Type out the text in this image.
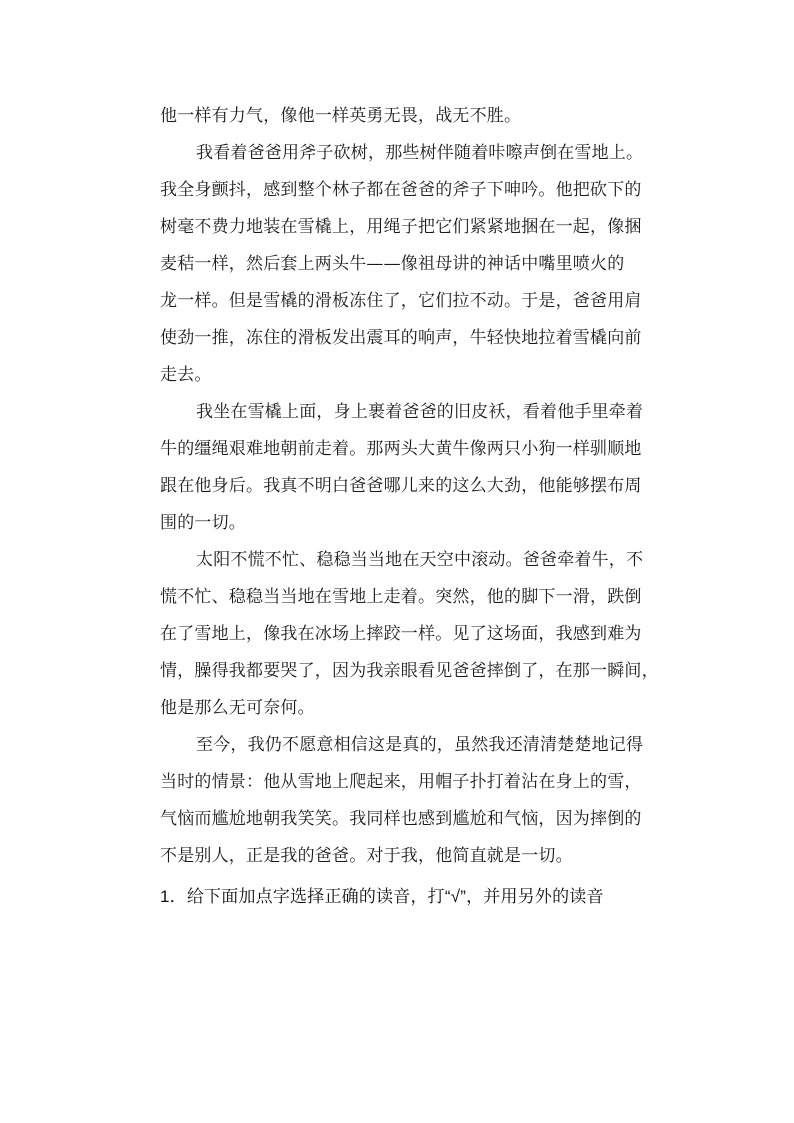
他一样有力气，像他一样英勇无畏，战无不胜。
我看着爸爸用斧子砍树，那些树伴随着咔嚓声倒在雪地上。
我全身颤抖，感到整个林子都在爸爸的斧子下呻吟。他把砍下的
树毫不费力地装在雪橇上，用绳子把它们紧紧地捆在一起，像捆
麦秸一样，然后套上两头牛——像祖母讲的神话中嘴里喷火的
龙一样。但是雪橇的滑板冻住了，它们拉不动。于是，爸爸用肩
使劲一推，冻住的滑板发出震耳的响声，牛轻快地拉着雪橇向前
走去。
我坐在雪橇上面，身上裹着爸爸的旧皮袄，看着他手里牵着
牛的缰绳艰难地朝前走着。那两头大黄牛像两只小狗一样驯顺地
跟在他身后。我真不明白爸爸哪儿来的这么大劲，他能够摆布周
围的一切。
太阳不慌不忙、稳稳当当地在天空中滚动。爸爸牵着牛，不
慌不忙、稳稳当当地在雪地上走着。突然，他的脚下一滑，跌倒
在了雪地上，像我在冰场上摔跤一样。见了这场面，我感到难为
情，臊得我都要哭了，因为我亲眼看见爸爸摔倒了，在那一瞬间，
他是那么无可奈何。
至今，我仍不愿意相信这是真的，虽然我还清清楚楚地记得
当时的情景：他从雪地上爬起来，用帽子扑打着沾在身上的雪，
气恼而尴尬地朝我笑笑。我同样也感到尴尬和气恼，因为摔倒的
不是别人，正是我的爸爸。对于我，他简直就是一切。
1．给下面加点字选择正确的读音，打“√”，并用另外的读音
